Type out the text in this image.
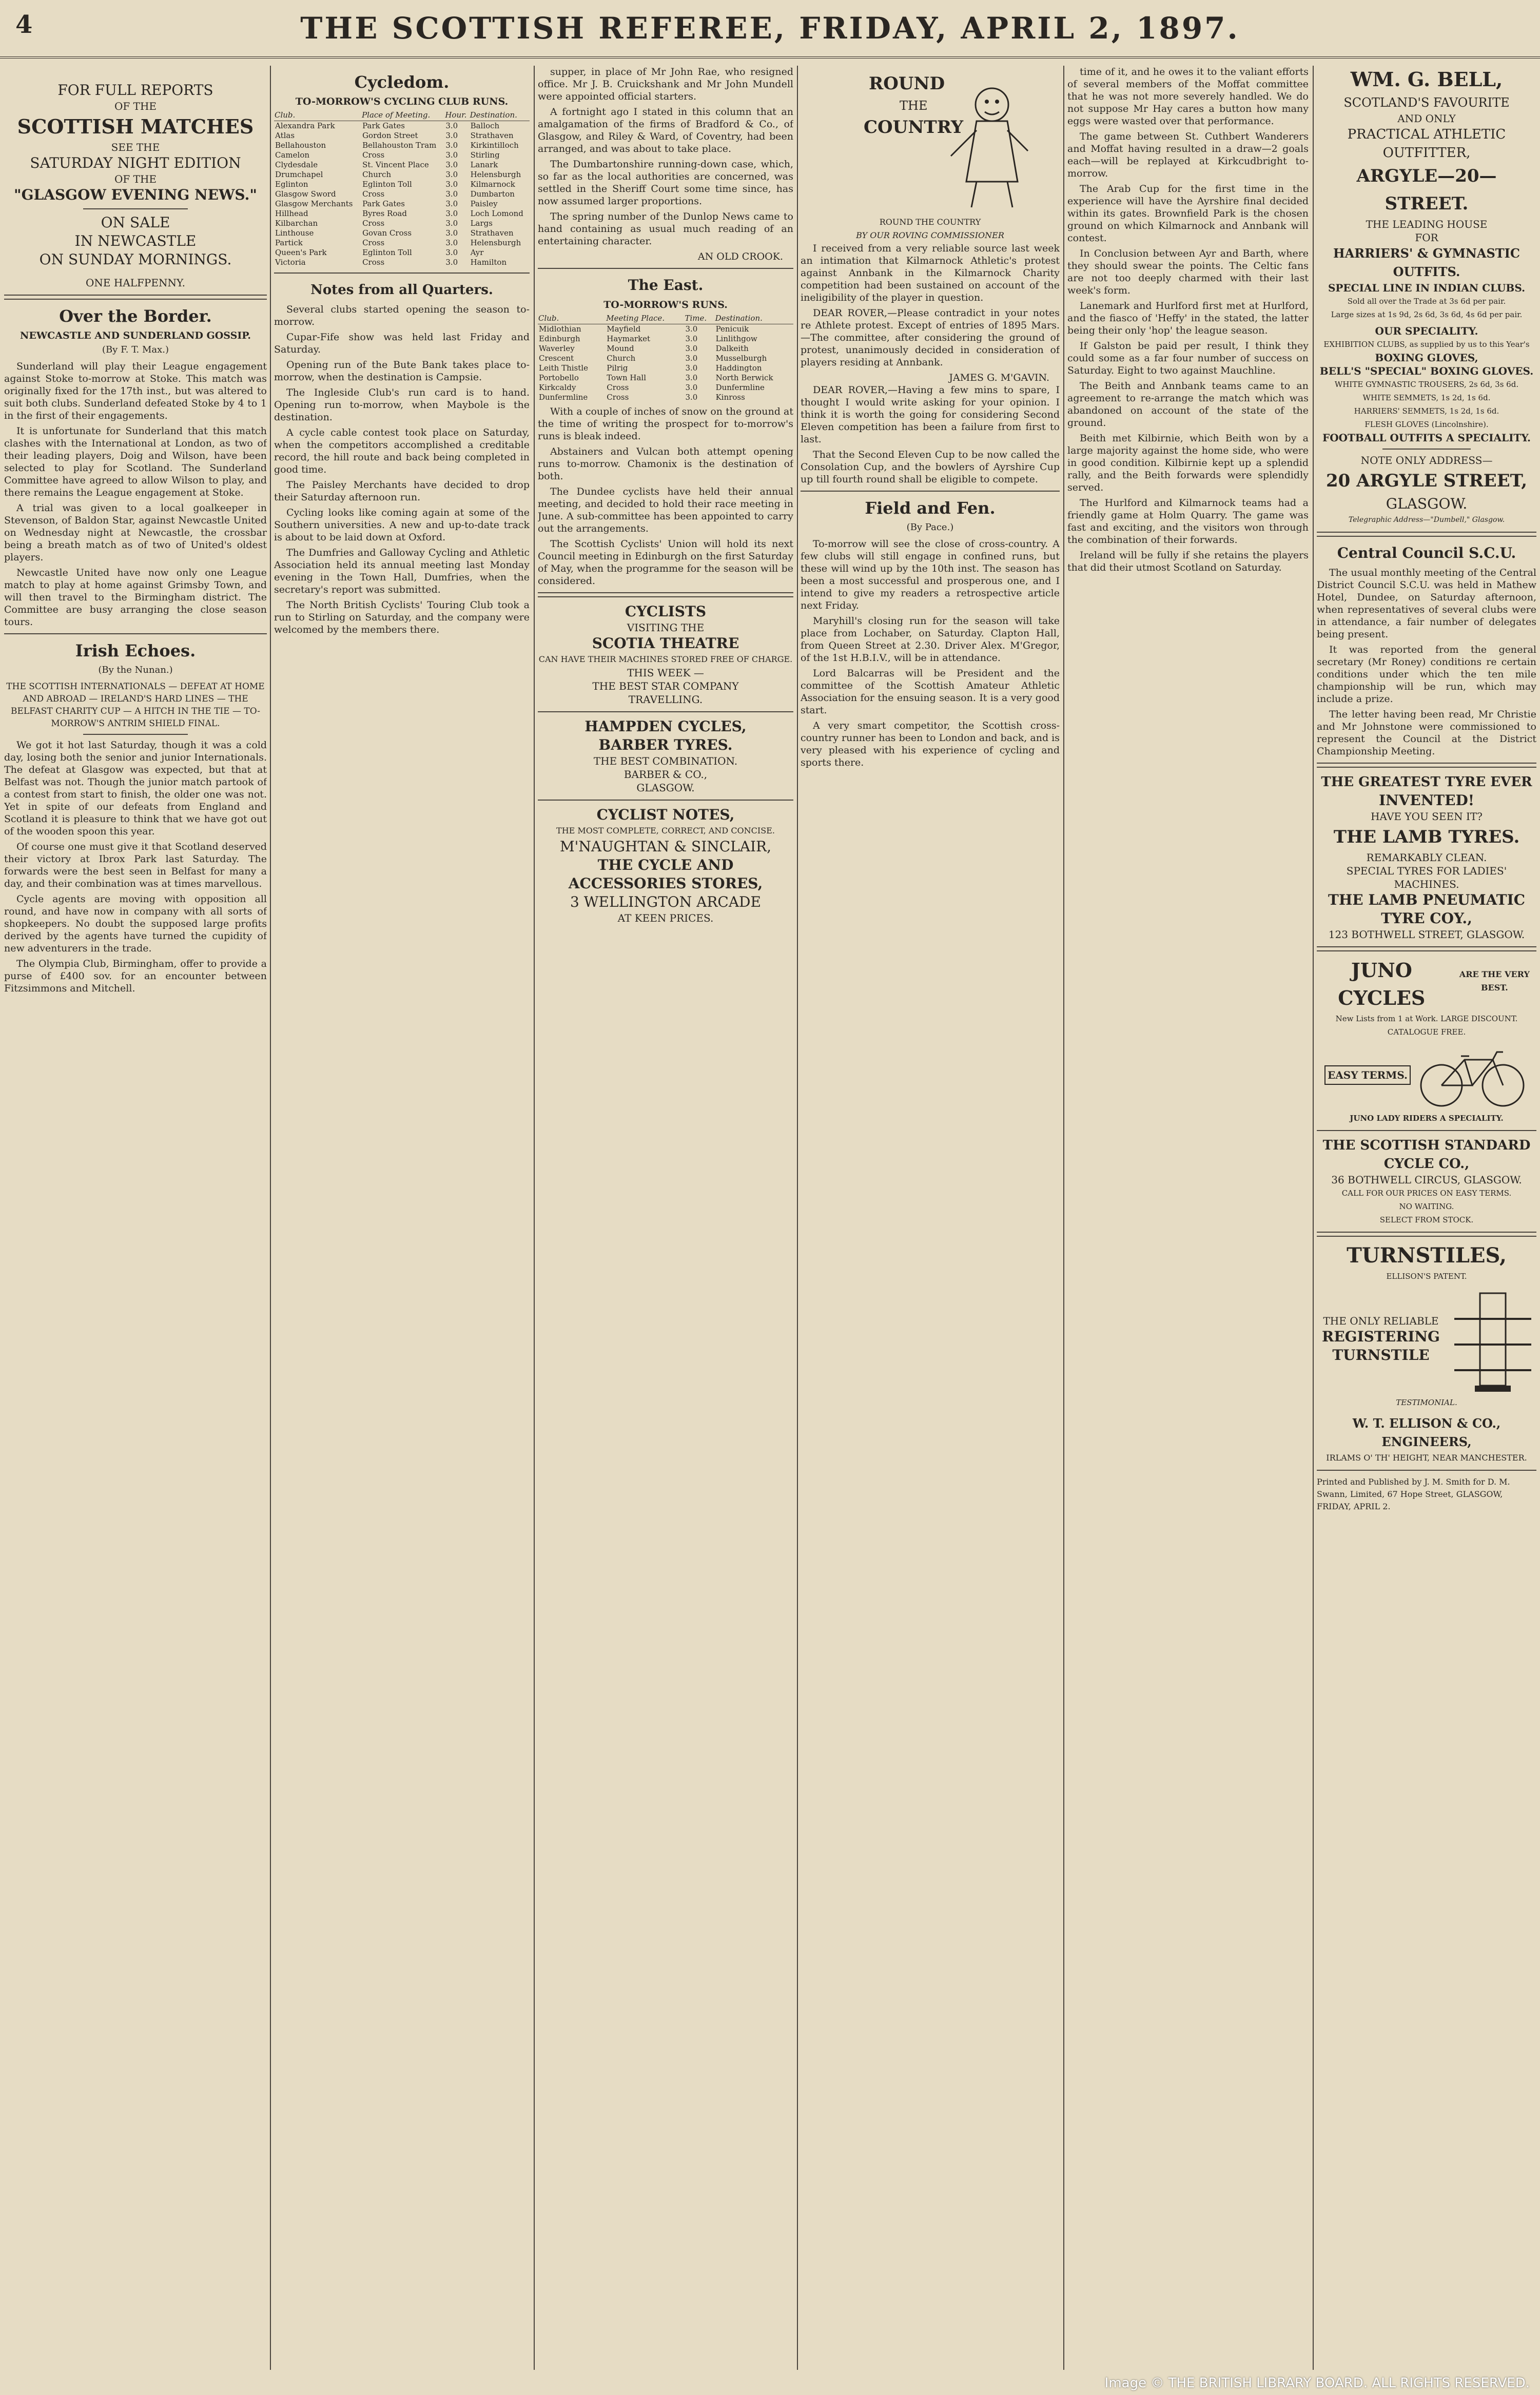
4	THE SCOTTISH REFEREE, FRIDAY, APRIL 2, 1897.
FOR FULL REPORTS
OF THE
SCOTTISH MATCHES
SEE THE
SATURDAY NIGHT EDITION
OF THE
"GLASGOW EVENING NEWS."
ON SALE
IN NEWCASTLE
ON SUNDAY MORNINGS.
ONE HALFPENNY.
Over the Border.
NEWCASTLE AND SUNDERLAND GOSSIP.
(By F. T. Max.)

Sunderland will play their League engagement against Stoke to-morrow at Stoke. This match was originally fixed for the 17th inst., but was altered to suit both clubs. Sunderland defeated Stoke by 4 to 1 in the first of their engagements.

It is unfortunate for Sunderland that this match clashes with the International at London, as two of their leading players, Doig and Wilson, have been selected to play for Scotland. The Sunderland Committee have agreed to allow Wilson to play, and there remains the League engagement at Stoke.

A trial was given to a local goalkeeper in Stevenson, of Baldon Star, against Newcastle United on Wednesday night at Newcastle, the crossbar being a breath match as of two of United's oldest players.

Newcastle United have now only one League match to play at home against Grimsby Town, and will then travel to the Birmingham district. The Committee are busy arranging the close season tours.

Irish Echoes.
(By the Nunan.)
THE SCOTTISH INTERNATIONALS — DEFEAT AT HOME AND ABROAD — IRELAND'S HARD LINES — THE BELFAST CHARITY CUP — A HITCH IN THE TIE — TO-MORROW'S ANTRIM SHIELD FINAL.

We got it hot last Saturday, though it was a cold day, losing both the senior and junior Internationals. The defeat at Glasgow was expected, but that at Belfast was not. Though the junior match partook of a contest from start to finish, the older one was not. Yet in spite of our defeats from England and Scotland it is pleasure to think that we have got out of the wooden spoon this year.

Of course one must give it that Scotland deserved their victory at Ibrox Park last Saturday. The forwards were the best seen in Belfast for many a day, and their combination was at times marvellous.

Cycle agents are moving with opposition all round, and have now in company with all sorts of shopkeepers. No doubt the supposed large profits derived by the agents have turned the cupidity of new adventurers in the trade.

The Olympia Club, Birmingham, offer to provide a purse of £400 sov. for an encounter between Fitzsimmons and Mitchell.

Cycledom.
TO-MORROW'S CYCLING CLUB RUNS.
Club.	Place of Meeting.	Hour.	Destination.
Alexandra Park	Park Gates	3.0	Balloch
Atlas	Gordon Street	3.0	Strathaven
Bellahouston	Bellahouston Tram	3.0	Kirkintilloch
Camelon	Cross	3.0	Stirling
Clydesdale	St. Vincent Place	3.0	Lanark
Drumchapel	Church	3.0	Helensburgh
Eglinton	Eglinton Toll	3.0	Kilmarnock
Glasgow Sword	Cross	3.0	Dumbarton
Glasgow Merchants	Park Gates	3.0	Paisley
Hillhead	Byres Road	3.0	Loch Lomond
Kilbarchan	Cross	3.0	Largs
Linthouse	Govan Cross	3.0	Strathaven
Partick	Cross	3.0	Helensburgh
Queen's Park	Eglinton Toll	3.0	Ayr
Victoria	Cross	3.0	Hamilton
Notes from all Quarters.

Several clubs started opening the season to-morrow.

Cupar-Fife show was held last Friday and Saturday.

Opening run of the Bute Bank takes place to-morrow, when the destination is Campsie.

The Ingleside Club's run card is to hand. Opening run to-morrow, when Maybole is the destination.

A cycle cable contest took place on Saturday, when the competitors accomplished a creditable record, the hill route and back being completed in good time.

The Paisley Merchants have decided to drop their Saturday afternoon run.

Cycling looks like coming again at some of the Southern universities. A new and up-to-date track is about to be laid down at Oxford.

The Dumfries and Galloway Cycling and Athletic Association held its annual meeting last Monday evening in the Town Hall, Dumfries, when the secretary's report was submitted.

The North British Cyclists' Touring Club took a run to Stirling on Saturday, and the company were welcomed by the members there.

supper, in place of Mr John Rae, who resigned office. Mr J. B. Cruickshank and Mr John Mundell were appointed official starters.

A fortnight ago I stated in this column that an amalgamation of the firms of Bradford & Co., of Glasgow, and Riley & Ward, of Coventry, had been arranged, and was about to take place.

The Dumbartonshire running-down case, which, so far as the local authorities are concerned, was settled in the Sheriff Court some time since, has now assumed larger proportions.

The spring number of the Dunlop News came to hand containing as usual much reading of an entertaining character.

AN OLD CROOK.
The East.
TO-MORROW'S RUNS.
Club.	Meeting Place.	Time.	Destination.
Midlothian	Mayfield	3.0	Penicuik
Edinburgh	Haymarket	3.0	Linlithgow
Waverley	Mound	3.0	Dalkeith
Crescent	Church	3.0	Musselburgh
Leith Thistle	Pilrig	3.0	Haddington
Portobello	Town Hall	3.0	North Berwick
Kirkcaldy	Cross	3.0	Dunfermline
Dunfermline	Cross	3.0	Kinross

With a couple of inches of snow on the ground at the time of writing the prospect for to-morrow's runs is bleak indeed.

Abstainers and Vulcan both attempt opening runs to-morrow. Chamonix is the destination of both.

The Dundee cyclists have held their annual meeting, and decided to hold their race meeting in June. A sub-committee has been appointed to carry out the arrangements.

The Scottish Cyclists' Union will hold its next Council meeting in Edinburgh on the first Saturday of May, when the programme for the season will be considered.

CYCLISTS
VISITING THE
SCOTIA THEATRE
CAN HAVE THEIR MACHINES STORED FREE OF CHARGE.
THIS WEEK —
THE BEST STAR COMPANY
TRAVELLING.
HAMPDEN CYCLES,
BARBER TYRES.
THE BEST COMBINATION.
BARBER & CO.,
GLASGOW.
CYCLIST NOTES,
THE MOST COMPLETE, CORRECT, AND CONCISE.
M'NAUGHTAN & SINCLAIR,
THE CYCLE AND ACCESSORIES STORES,
3 WELLINGTON ARCADE
AT KEEN PRICES.
ROUND
THE
COUNTRY
ROUND THE COUNTRY
BY OUR ROVING COMMISSIONER

I received from a very reliable source last week an intimation that Kilmarnock Athletic's protest against Annbank in the Kilmarnock Charity competition had been sustained on account of the ineligibility of the player in question.

DEAR ROVER,—Please contradict in your notes re Athlete protest. Except of entries of 1895 Mars.—The committee, after considering the ground of protest, unanimously decided in consideration of players residing at Annbank.

JAMES G. M'GAVIN.

DEAR ROVER,—Having a few mins to spare, I thought I would write asking for your opinion. I think it is worth the going for considering Second Eleven competition has been a failure from first to last.

That the Second Eleven Cup to be now called the Consolation Cup, and the bowlers of Ayrshire Cup up till fourth round shall be eligible to compete.

Field and Fen.
(By Pace.)

To-morrow will see the close of cross-country. A few clubs will still engage in confined runs, but these will wind up by the 10th inst. The season has been a most successful and prosperous one, and I intend to give my readers a retrospective article next Friday.

Maryhill's closing run for the season will take place from Lochaber, on Saturday. Clapton Hall, from Queen Street at 2.30. Driver Alex. M'Gregor, of the 1st H.B.I.V., will be in attendance.

Lord Balcarras will be President and the committee of the Scottish Amateur Athletic Association for the ensuing season. It is a very good start.

A very smart competitor, the Scottish cross-country runner has been to London and back, and is very pleased with his experience of cycling and sports there.

time of it, and he owes it to the valiant efforts of several members of the Moffat committee that he was not more severely handled. We do not suppose Mr Hay cares a button how many eggs were wasted over that performance.

The game between St. Cuthbert Wanderers and Moffat having resulted in a draw—2 goals each—will be replayed at Kirkcudbright to-morrow.

The Arab Cup for the first time in the experience will have the Ayrshire final decided within its gates. Brownfield Park is the chosen ground on which Kilmarnock and Annbank will contest.

In Conclusion between Ayr and Barth, where they should swear the points. The Celtic fans are not too deeply charmed with their last week's form.

Lanemark and Hurlford first met at Hurlford, and the fiasco of 'Heffy' in the stated, the latter being their only 'hop' the league season.

If Galston be paid per result, I think they could some as a far four number of success on Saturday. Eight to two against Mauchline.

The Beith and Annbank teams came to an agreement to re-arrange the match which was abandoned on account of the state of the ground.

Beith met Kilbirnie, which Beith won by a large majority against the home side, who were in good condition. Kilbirnie kept up a splendid rally, and the Beith forwards were splendidly served.

The Hurlford and Kilmarnock teams had a friendly game at Holm Quarry. The game was fast and exciting, and the visitors won through the combination of their forwards.

Ireland will be fully if she retains the players that did their utmost Scotland on Saturday.

WM. G. BELL,
SCOTLAND'S FAVOURITE
AND ONLY
PRACTICAL ATHLETIC
OUTFITTER,
ARGYLE—20—STREET.
THE LEADING HOUSE
FOR
HARRIERS' & GYMNASTIC OUTFITS.
SPECIAL LINE IN INDIAN CLUBS.
Sold all over the Trade at 3s 6d per pair.
Large sizes at 1s 9d, 2s 6d, 3s 6d, 4s 6d per pair.
OUR SPECIALITY.
EXHIBITION CLUBS, as supplied by us to this Year's
BOXING GLOVES,
BELL'S "SPECIAL" BOXING GLOVES.
WHITE GYMNASTIC TROUSERS, 2s 6d, 3s 6d.
WHITE SEMMETS, 1s 2d, 1s 6d.
HARRIERS' SEMMETS, 1s 2d, 1s 6d.
FLESH GLOVES (Lincolnshire).
FOOTBALL OUTFITS A SPECIALITY.
NOTE ONLY ADDRESS—
20 ARGYLE STREET,
GLASGOW.
Telegraphic Address—"Dumbell," Glasgow.
Central Council S.C.U.

The usual monthly meeting of the Central District Council S.C.U. was held in Mathew Hotel, Dundee, on Saturday afternoon, when representatives of several clubs were in attendance, a fair number of delegates being present.

It was reported from the general secretary (Mr Roney) conditions re certain conditions under which the ten mile championship will be run, which may include a prize.

The letter having been read, Mr Christie and Mr Johnstone were commissioned to represent the Council at the District Championship Meeting.

THE GREATEST TYRE EVER
INVENTED!
HAVE YOU SEEN IT?
THE LAMB TYRES.
REMARKABLY CLEAN.
SPECIAL TYRES FOR LADIES' MACHINES.
THE LAMB PNEUMATIC
TYRE COY.,
123 BOTHWELL STREET, GLASGOW.
JUNO CYCLES
ARE THE VERY BEST.
New Lists from 1 at Work. LARGE DISCOUNT. CATALOGUE FREE.
EASY TERMS.
JUNO LADY RIDERS A SPECIALITY.
THE SCOTTISH STANDARD CYCLE CO.,
36 BOTHWELL CIRCUS, GLASGOW.
CALL FOR OUR PRICES ON EASY TERMS.
NO WAITING.
SELECT FROM STOCK.
TURNSTILES,
ELLISON'S PATENT.
THE ONLY RELIABLE
REGISTERING
TURNSTILE
TESTIMONIAL.
W. T. ELLISON & CO., ENGINEERS,
IRLAMS O' TH' HEIGHT, NEAR MANCHESTER.
Printed and Published by J. M. Smith for D. M. Swann, Limited, 67 Hope Street, GLASGOW, FRIDAY, APRIL 2.
Image © THE BRITISH LIBRARY BOARD. ALL RIGHTS RESERVED.
